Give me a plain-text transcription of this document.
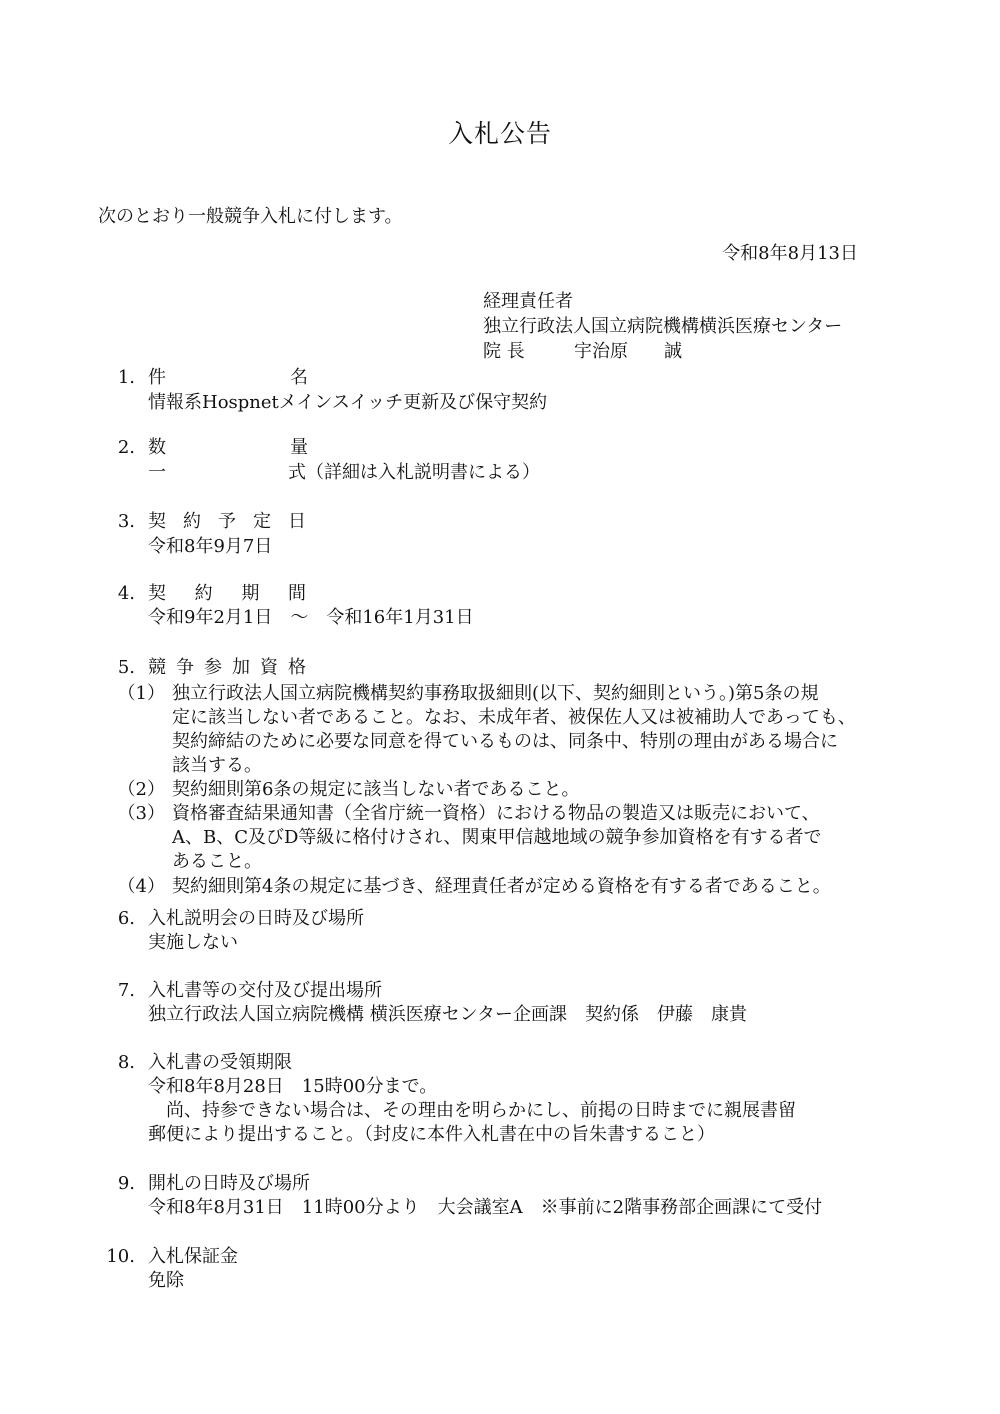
入札公告
次のとおり一般競争入札に付します。
令和8年8月13日
経理責任者
独立行政法人国立病院機構横浜医療センター
院 長	宇治原　　誠
1. 件	名
情報系Hospnetメインスイッチ更新及び保守契約
2. 数	量
一	式（詳細は入札説明書による）
3. 契 約 予 定 日
令和8年9月7日
4. 契 約 期 間
令和9年2月1日　～　令和16年1月31日
5. 競 争 参 加 資 格
（1） 独立行政法人国立病院機構契約事務取扱細則(以下、契約細則という。)第5条の規
定に該当しない者であること。なお、未成年者、被保佐人又は被補助人であっても、
契約締結のために必要な同意を得ているものは、同条中、特別の理由がある場合に
該当する。
（2） 契約細則第6条の規定に該当しない者であること。
（3） 資格審査結果通知書（全省庁統一資格）における物品の製造又は販売において、
A、B、C及びD等級に格付けされ、関東甲信越地域の競争参加資格を有する者で
あること。
（4） 契約細則第4条の規定に基づき、経理責任者が定める資格を有する者であること。
6. 入札説明会の日時及び場所
実施しない
7. 入札書等の交付及び提出場所
独立行政法人国立病院機構 横浜医療センター企画課　契約係　伊藤　康貴
8. 入札書の受領期限
令和8年8月28日　15時00分まで。
　尚、持参できない場合は、その理由を明らかにし、前掲の日時までに親展書留
郵便により提出すること。（封皮に本件入札書在中の旨朱書すること）
9. 開札の日時及び場所
令和8年8月31日　11時00分より　大会議室A　※事前に2階事務部企画課にて受付
10. 入札保証金
免除
